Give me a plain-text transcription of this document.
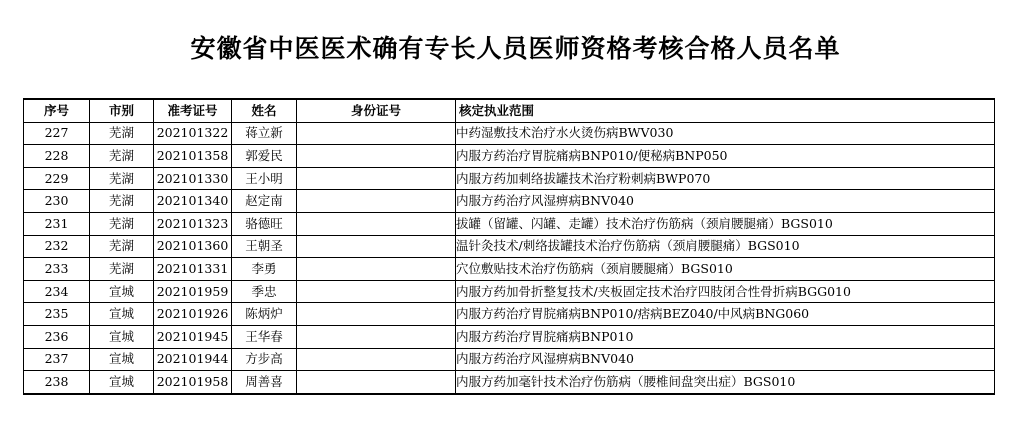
安徽省中医医术确有专长人员医师资格考核合格人员名单
序号	市别	准考证号	姓名	身份证号	核定执业范围
227	芜湖	202101322	蒋立新		中药湿敷技术治疗水火烫伤病BWV030
228	芜湖	202101358	郭爱民		内服方药治疗胃脘痛病BNP010/便秘病BNP050
229	芜湖	202101330	王小明		内服方药加刺络拔罐技术治疗粉刺病BWP070
230	芜湖	202101340	赵定南		内服方药治疗风湿痹病BNV040
231	芜湖	202101323	骆德旺		拔罐（留罐、闪罐、走罐）技术治疗伤筋病（颈肩腰腿痛）BGS010
232	芜湖	202101360	王朝圣		温针灸技术/刺络拔罐技术治疗伤筋病（颈肩腰腿痛）BGS010
233	芜湖	202101331	李勇		穴位敷贴技术治疗伤筋病（颈肩腰腿痛）BGS010
234	宣城	202101959	季忠		内服方药加骨折整复技术/夹板固定技术治疗四肢闭合性骨折病BGG010
235	宣城	202101926	陈炳炉		内服方药治疗胃脘痛病BNP010/痞病BEZ040/中风病BNG060
236	宣城	202101945	王华春		内服方药治疗胃脘痛病BNP010
237	宣城	202101944	方步高		内服方药治疗风湿痹病BNV040
238	宣城	202101958	周善喜		内服方药加毫针技术治疗伤筋病（腰椎间盘突出症）BGS010
